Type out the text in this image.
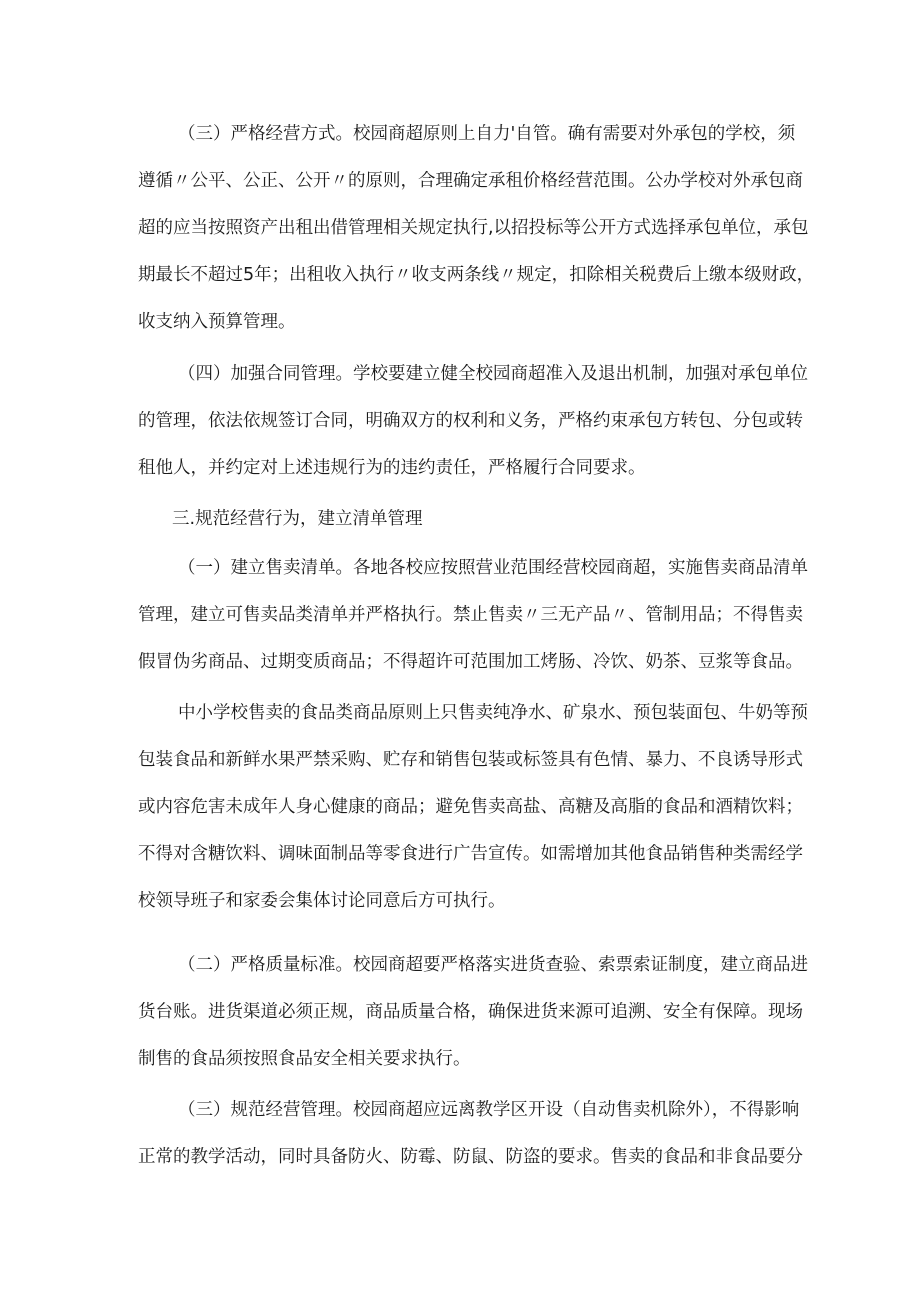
（三）严格经营方式。校园商超原则上自力'自管。确有需要对外承包的学校，须
遵循〃公平、公正、公开〃的原则，合理确定承租价格经营范围。公办学校对外承包商
超的应当按照资产出租出借管理相关规定执行,以招投标等公开方式选择承包单位，承包
期最长不超过5年；出租收入执行〃收支两条线〃规定，扣除相关税费后上缴本级财政，
收支纳入预算管理。
（四）加强合同管理。学校要建立健全校园商超准入及退出机制，加强对承包单位
的管理，依法依规签订合同，明确双方的权利和义务，严格约束承包方转包、分包或转
租他人，并约定对上述违规行为的违约责任，严格履行合同要求。
三.规范经营行为，建立清单管理
（一）建立售卖清单。各地各校应按照营业范围经营校园商超，实施售卖商品清单
管理，建立可售卖品类清单并严格执行。禁止售卖〃三无产品〃、管制用品；不得售卖
假冒伪劣商品、过期变质商品；不得超许可范围加工烤肠、冷饮、奶茶、豆浆等食品。
中小学校售卖的食品类商品原则上只售卖纯净水、矿泉水、预包装面包、牛奶等预
包装食品和新鲜水果严禁采购、贮存和销售包装或标签具有色情、暴力、不良诱导形式
或内容危害未成年人身心健康的商品；避免售卖高盐、高糖及高脂的食品和酒精饮料；
不得对含糖饮料、调味面制品等零食进行广告宣传。如需增加其他食品销售种类需经学
校领导班子和家委会集体讨论同意后方可执行。
（二）严格质量标准。校园商超要严格落实进货查验、索票索证制度，建立商品进
货台账。进货渠道必须正规，商品质量合格，确保进货来源可追溯、安全有保障。现场
制售的食品须按照食品安全相关要求执行。
（三）规范经营管理。校园商超应远离教学区开设（自动售卖机除外），不得影响
正常的教学活动，同时具备防火、防霉、防鼠、防盗的要求。售卖的食品和非食品要分
